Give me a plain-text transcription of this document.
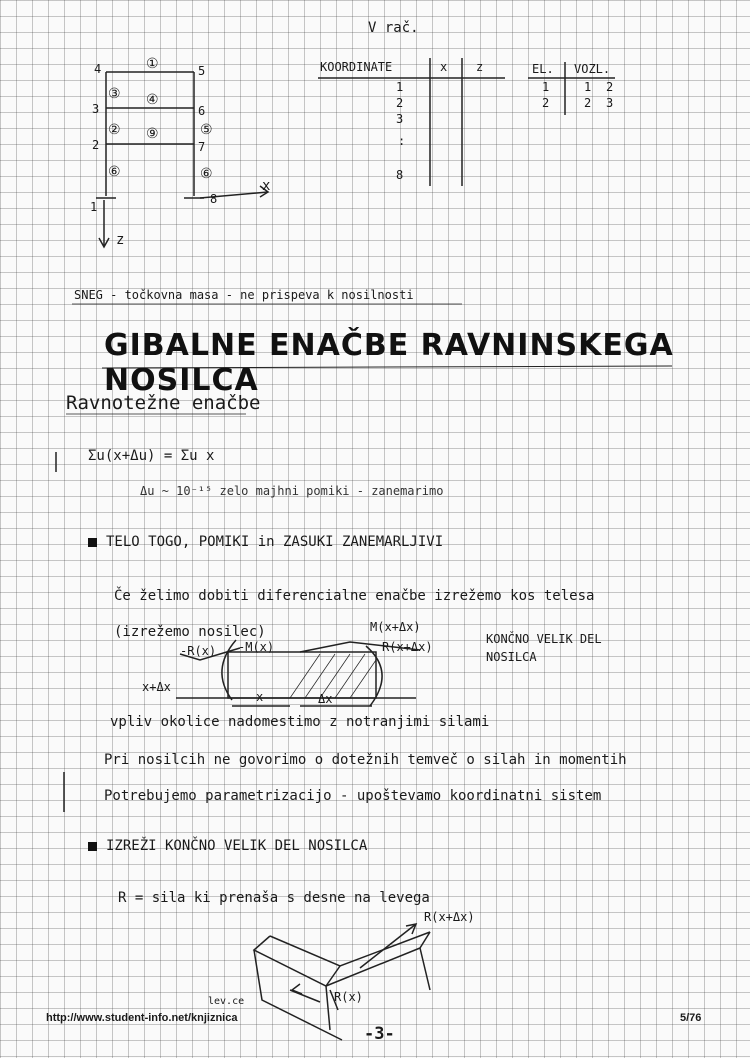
V rač.
4	5
3	6
2	7
1
8
①
③ ④
② ⑨	⑤
⑥	⑥
x
z
KOORDINATE	x z
1
2
3
:
8
EL. VOZL.
1	1 2
2	2 3
SNEG - točkovna masa - ne prispeva k nosilnosti
GIBALNE ENAČBE RAVNINSKEGA NOSILCA
Ravnotežne enačbe
Σu(x+Δu) = Σu x
Δu ~ 10⁻¹⁵ zelo majhni pomiki - zanemarimo
TELO TOGO, POMIKI in ZASUKI ZANEMARLJIVI
Če želimo dobiti diferencialne enačbe izrežemo kos telesa
(izrežemo nosilec)	M(x+Δx)
R(x+Δx)
-R(x) -M(x)
x+Δx
x	Δx
KONČNO VELIK DEL NOSILCA
vpliv okolice nadomestimo z notranjimi silami
Pri nosilcih ne govorimo o dotežnih temveč o silah in momentih
Potrebujemo parametrizacijo - upoštevamo koordinatni sistem
IZREŽI KONČNO VELIK DEL NOSILCA
R = sila ki prenaša s desne na levega
R(x+Δx)
R(x)
lev.ce
-3-
http://www.student-info.net/knjiznica	5/76
